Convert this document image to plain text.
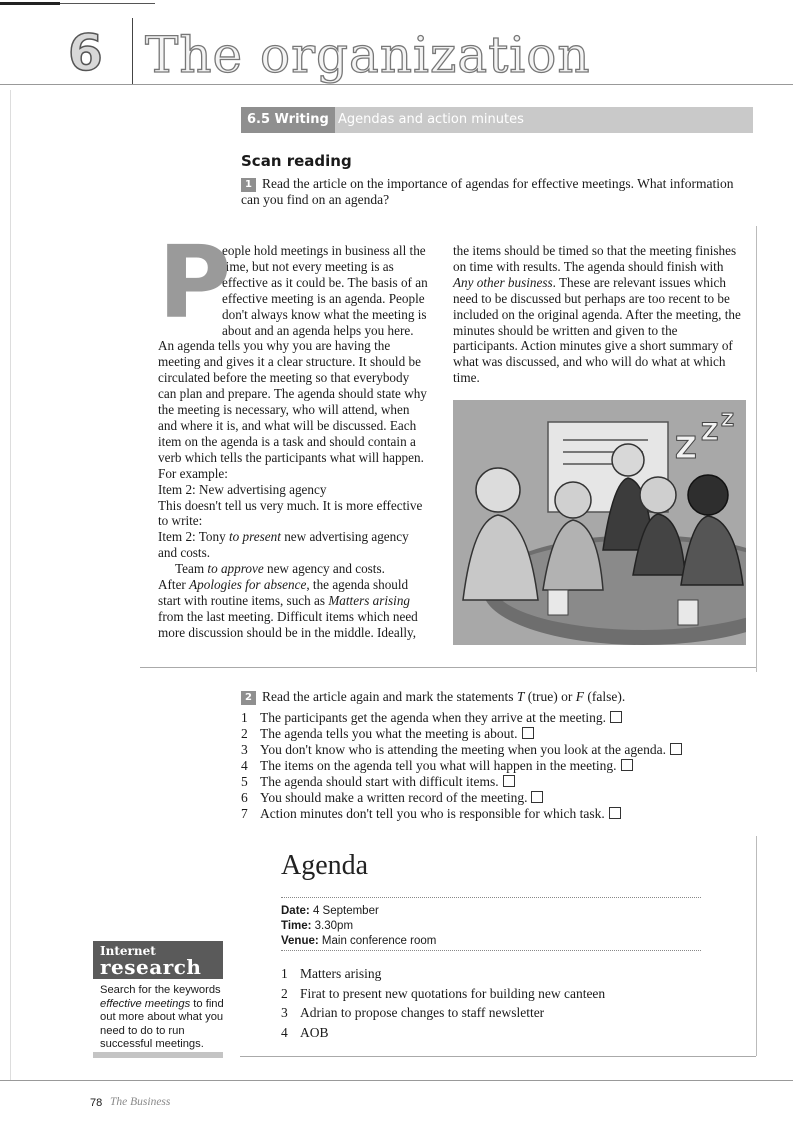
6 The organization
6.5 Writing Agendas and action minutes
Scan reading
1 Read the article on the importance of agendas for effective meetings. What information can you find on an agenda?
P

eople hold meetings in business all the time, but not every meeting is as effective as it could be. The basis of an effective meeting is an agenda. People don't always know what the meeting is about and an agenda helps you here. An agenda tells you why you are having the meeting and gives it a clear structure. It should be circulated before the meeting so that everybody can plan and prepare. The agenda should state why the meeting is necessary, who will attend, when and where it is, and what will be discussed. Each item on the agenda is a task and should contain a verb which tells the participants what will happen. For example:

Item 2: New advertising agency

This doesn't tell us very much. It is more effective to write:

Item 2: Tony to present new advertising agency and costs.

Team to approve new agency and costs.

After Apologies for absence, the agenda should start with routine items, such as Matters arising from the last meeting. Difficult items which need more discussion should be in the middle. Ideally,

the items should be timed so that the meeting finishes on time with results. The agenda should finish with Any other business. These are relevant issues which need to be discussed but perhaps are too recent to be included on the original agenda. After the meeting, the minutes should be written and given to the participants. Action minutes give a short summary of what was discussed, and who will do what at which time.

Z Z Z
2 Read the article again and mark the statements T (true) or F (false).
1 The participants get the agenda when they arrive at the meeting.
2 The agenda tells you what the meeting is about.
3 You don't know who is attending the meeting when you look at the agenda.
4 The items on the agenda tell you what will happen in the meeting.
5 The agenda should start with difficult items.
6 You should make a written record of the meeting.
7 Action minutes don't tell you who is responsible for which task.
Agenda
Date: 4 September
Time: 3.30pm
Venue: Main conference room
1 Matters arising
2 Firat to present new quotations for building new canteen
3 Adrian to propose changes to staff newsletter
4 AOB
Internet
research
Search for the keywords effective meetings to find out more about what you need to do to run successful meetings.
78 The Business
